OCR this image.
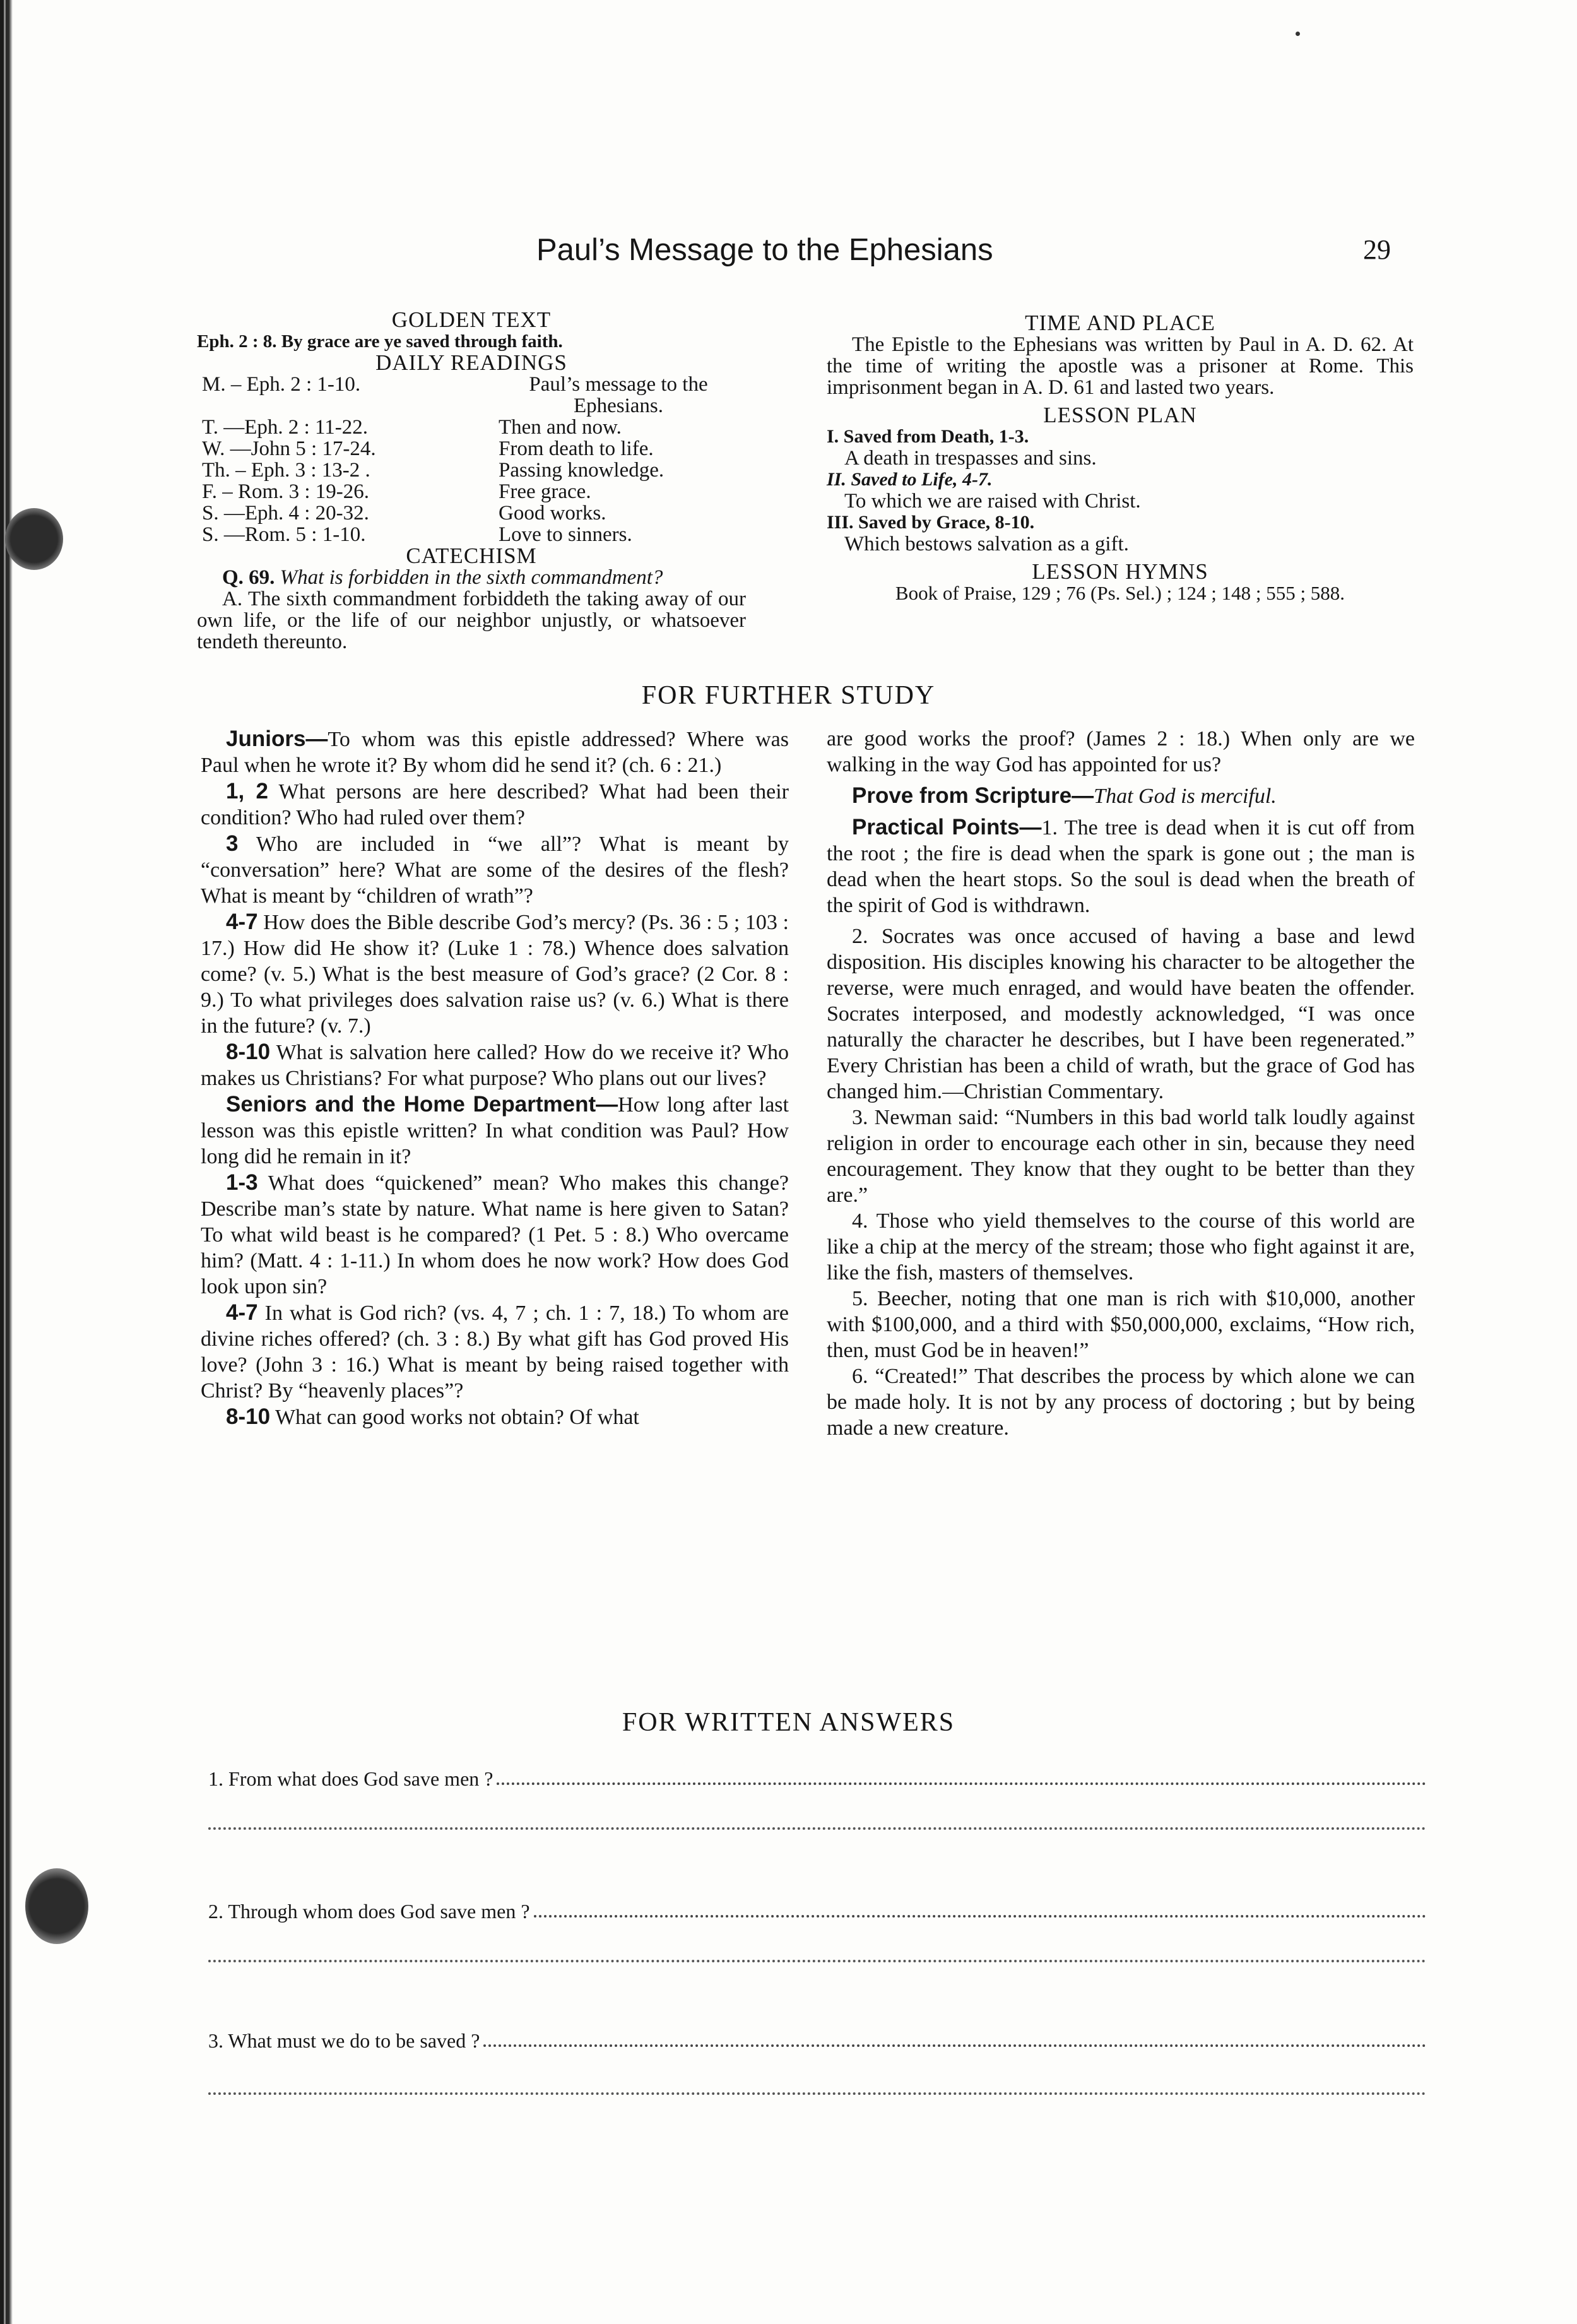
Paul’s Message to the Ephesians	29
GOLDEN TEXT
Eph. 2 : 8. By grace are ye saved through faith.
DAILY READINGS
M. – Eph. 2 : 1-10.	Paul’s message to the Ephesians.
T. —Eph. 2 : 11-22.	Then and now.
W. —John 5 : 17-24.	From death to life.
Th. – Eph. 3 : 13-2 .	Passing knowledge.
F. – Rom. 3 : 19-26.	Free grace.
S. —Eph. 4 : 20-32.	Good works.
S. —Rom. 5 : 1-10.	Love to sinners.
CATECHISM
Q. 69. What is forbidden in the sixth commandment?
A. The sixth commandment forbiddeth the taking away of our own life, or the life of our neighbor unjustly, or whatsoever tendeth thereunto.
TIME AND PLACE
The Epistle to the Ephesians was written by Paul in A. D. 62. At the time of writing the apostle was a prisoner at Rome. This imprisonment began in A. D. 61 and lasted two years.
LESSON PLAN
I. Saved from Death, 1-3.
A death in trespasses and sins.
II. Saved to Life, 4-7.
To which we are raised with Christ.
III. Saved by Grace, 8-10.
Which bestows salvation as a gift.
LESSON HYMNS
Book of Praise, 129 ; 76 (Ps. Sel.) ; 124 ; 148 ; 555 ; 588.
FOR FURTHER STUDY

Juniors—To whom was this epistle addressed? Where was Paul when he wrote it? By whom did he send it? (ch. 6 : 21.)

1, 2 What persons are here described? What had been their condition? Who had ruled over them?

3 Who are included in “we all”? What is meant by “conversation” here? What are some of the desires of the flesh? What is meant by “children of wrath”?

4-7 How does the Bible describe God’s mercy? (Ps. 36 : 5 ; 103 : 17.) How did He show it? (Luke 1 : 78.) Whence does salvation come? (v. 5.) What is the best measure of God’s grace? (2 Cor. 8 : 9.) To what privileges does salvation raise us? (v. 6.) What is there in the future? (v. 7.)

8-10 What is salvation here called? How do we receive it? Who makes us Christians? For what purpose? Who plans out our lives?

Seniors and the Home Department—How long after last lesson was this epistle written? In what condition was Paul? How long did he remain in it?

1-3 What does “quickened” mean? Who makes this change? Describe man’s state by nature. What name is here given to Satan? To what wild beast is he compared? (1 Pet. 5 : 8.) Who overcame him? (Matt. 4 : 1-11.) In whom does he now work? How does God look upon sin?

4-7 In what is God rich? (vs. 4, 7 ; ch. 1 : 7, 18.) To whom are divine riches offered? (ch. 3 : 8.) By what gift has God proved His love? (John 3 : 16.) What is meant by being raised together with Christ? By “heavenly places”?

8-10 What can good works not obtain? Of what

are good works the proof? (James 2 : 18.) When only are we walking in the way God has appointed for us?

Prove from Scripture—That God is merciful.

Practical Points—1. The tree is dead when it is cut off from the root ; the fire is dead when the spark is gone out ; the man is dead when the heart stops. So the soul is dead when the breath of the spirit of God is withdrawn.

2. Socrates was once accused of having a base and lewd disposition. His disciples knowing his character to be altogether the reverse, were much enraged, and would have beaten the offender. Socrates interposed, and modestly acknowledged, “I was once naturally the character he describes, but I have been regenerated.” Every Christian has been a child of wrath, but the grace of God has changed him.—Christian Commentary.

3. Newman said: “Numbers in this bad world talk loudly against religion in order to encourage each other in sin, because they need encouragement. They know that they ought to be better than they are.”

4. Those who yield themselves to the course of this world are like a chip at the mercy of the stream; those who fight against it are, like the fish, masters of themselves.

5. Beecher, noting that one man is rich with $10,000, another with $100,000, and a third with $50,000,000, exclaims, “How rich, then, must God be in heaven!”

6. “Created!” That describes the process by which alone we can be made holy. It is not by any process of doctoring ; but by being made a new creature.

FOR WRITTEN ANSWERS
1. From what does God save men ?
2. Through whom does God save men ?
3. What must we do to be saved ?
